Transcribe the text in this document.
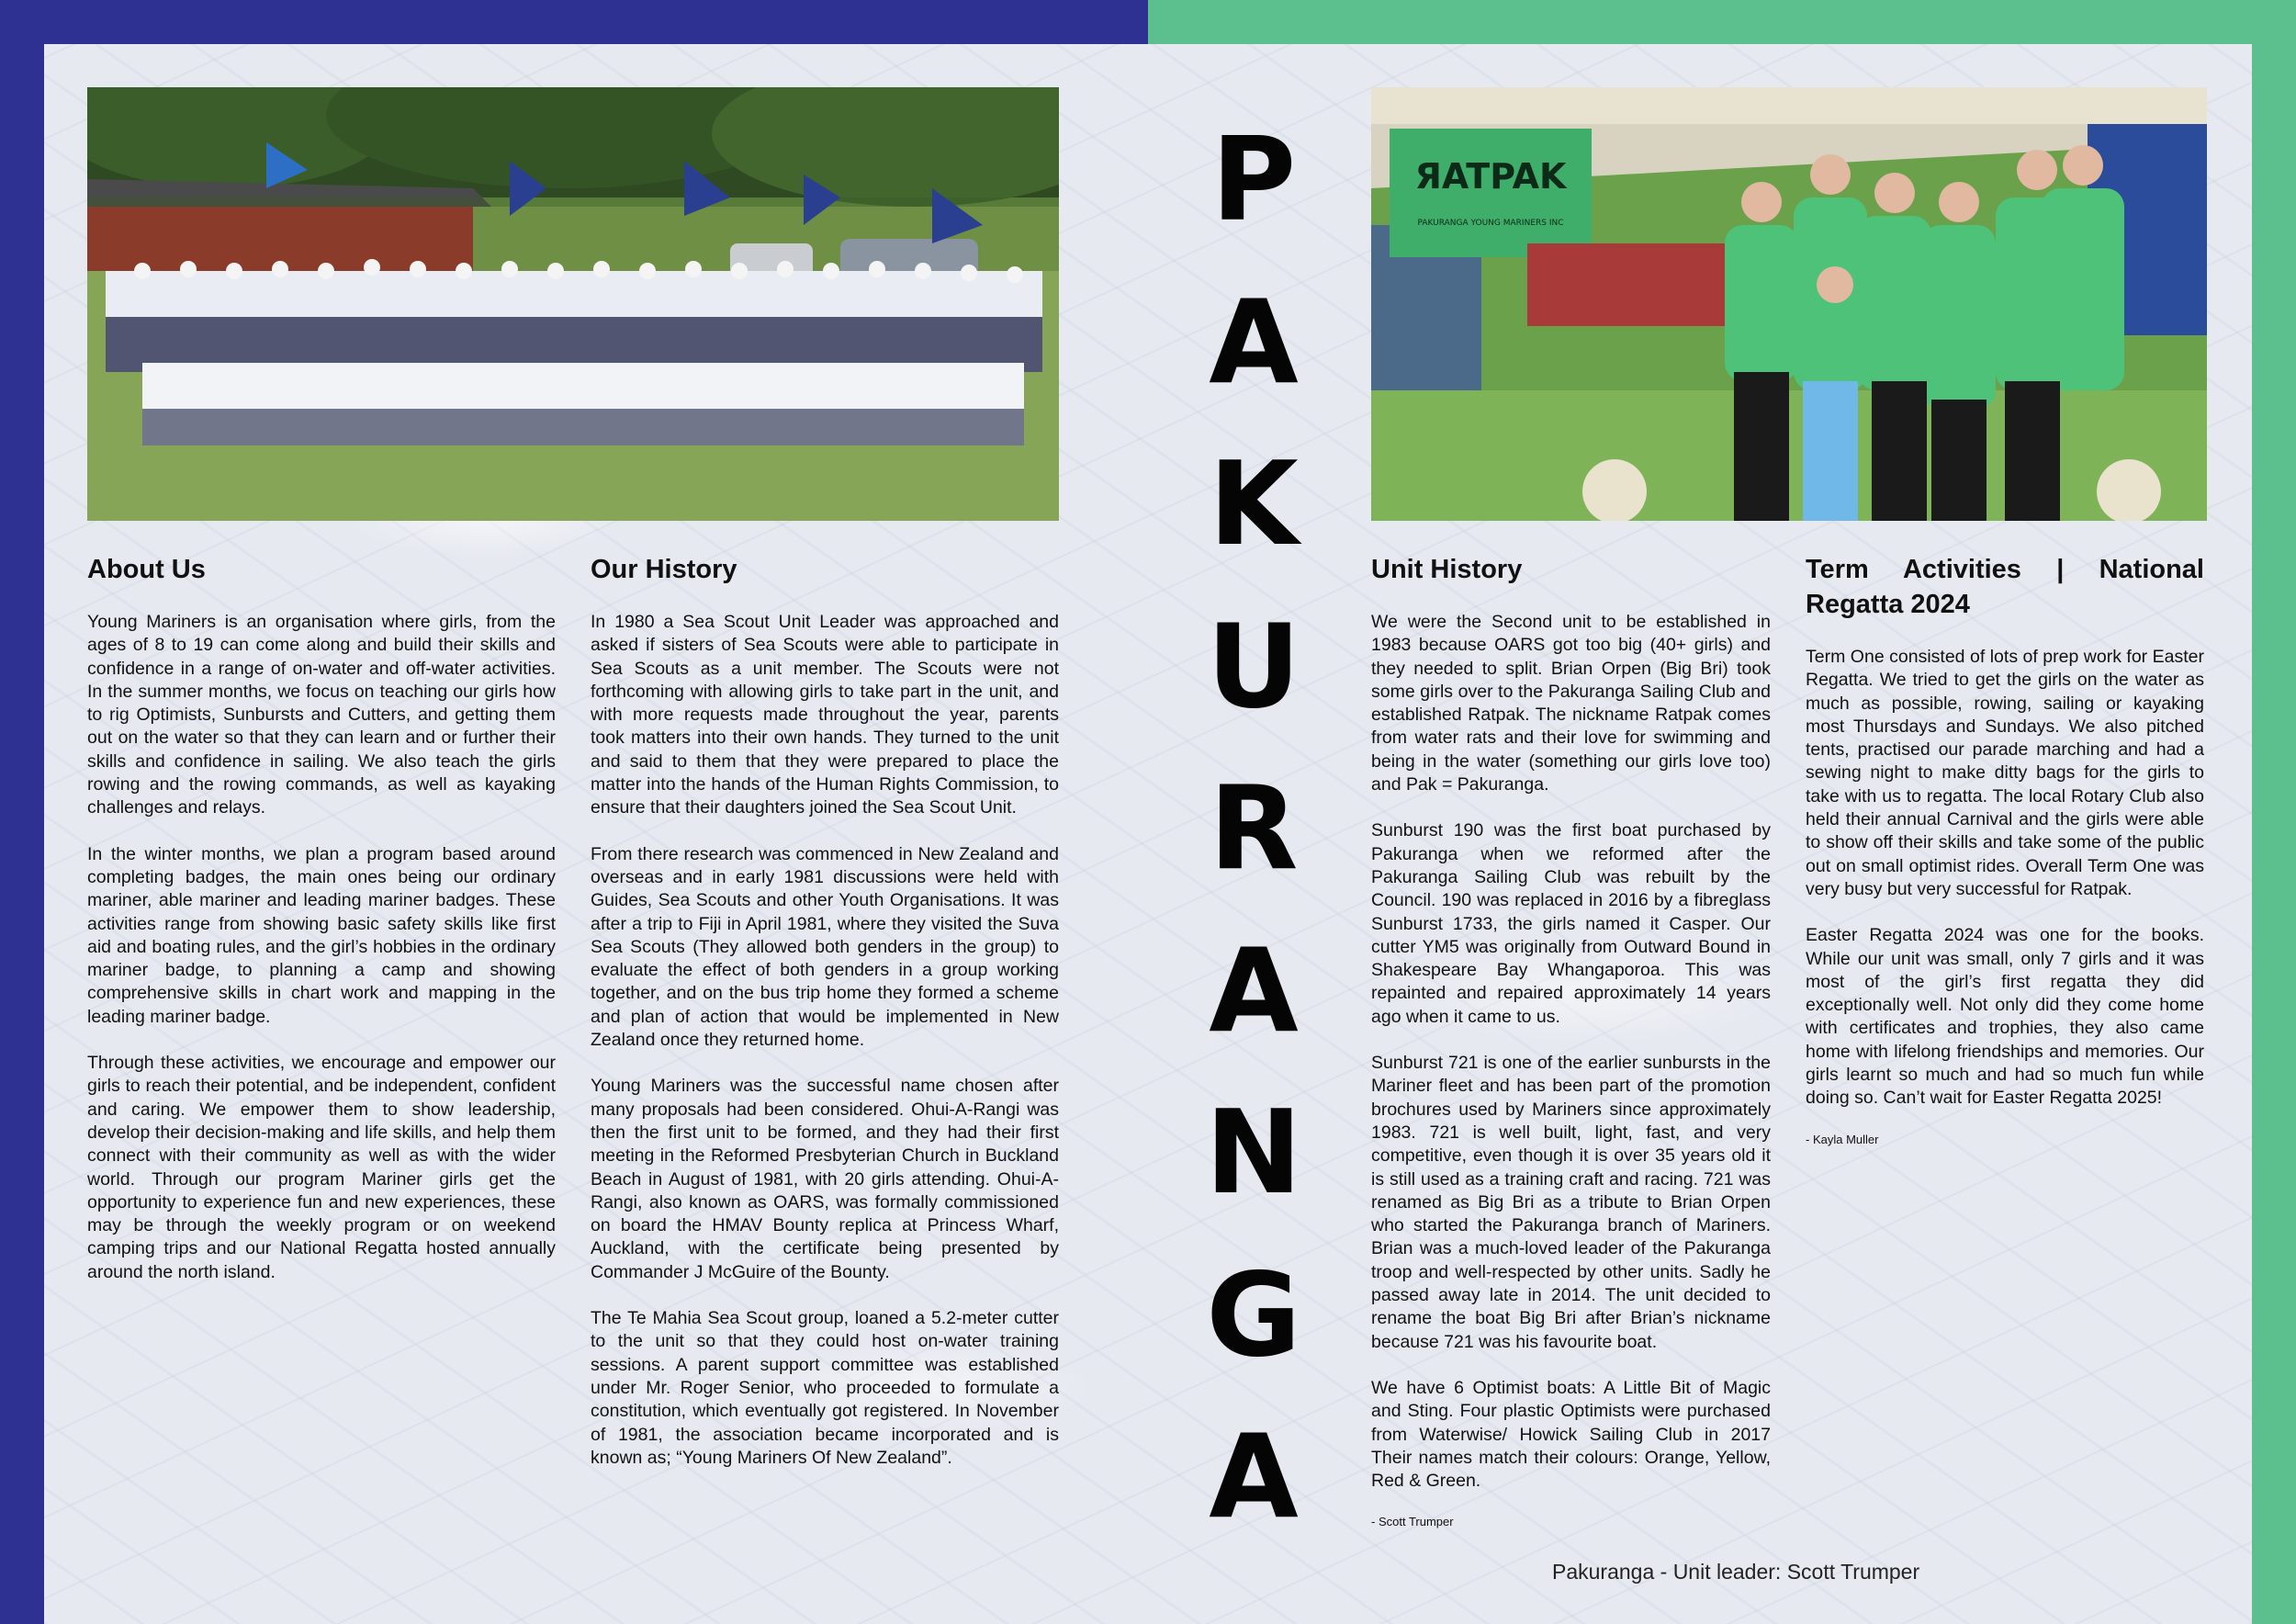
ЯATPAK
PAKURANGA YOUNG MARINERS INC
P
A
K
U
R
A
N
G
A
About Us

Young Mariners is an organisation where girls, from the ages of 8 to 19 can come along and build their skills and confidence in a range of on-water and off-water activities. In the summer months, we focus on teaching our girls how to rig Optimists, Sunbursts and Cutters, and getting them out on the water so that they can learn and or further their skills and confidence in sailing. We also teach the girls rowing and the rowing commands, as well as kayaking challenges and relays.

In the winter months, we plan a program based around completing badges, the main ones being our ordinary mariner, able mariner and leading mariner badges. These activities range from showing basic safety skills like first aid and boating rules, and the girl’s hobbies in the ordinary mariner badge, to planning a camp and showing comprehensive skills in chart work and mapping in the leading mariner badge.

Through these activities, we encourage and empower our girls to reach their potential, and be independent, confident and caring. We empower them to show leadership, develop their decision-making and life skills, and help them connect with their community as well as with the wider world. Through our program Mariner girls get the opportunity to experience fun and new experiences, these may be through the weekly program or on weekend camping trips and our National Regatta hosted annually around the north island.

Our History

In 1980 a Sea Scout Unit Leader was approached and asked if sisters of Sea Scouts were able to participate in Sea Scouts as a unit member. The Scouts were not forthcoming with allowing girls to take part in the unit, and with more requests made throughout the year, parents took matters into their own hands. They turned to the unit and said to them that they were prepared to place the matter into the hands of the Human Rights Commission, to ensure that their daughters joined the Sea Scout Unit.

From there research was commenced in New Zealand and overseas and in early 1981 discussions were held with Guides, Sea Scouts and other Youth Organisations. It was after a trip to Fiji in April 1981, where they visited the Suva Sea Scouts (They allowed both genders in the group) to evaluate the effect of both genders in a group working together, and on the bus trip home they formed a scheme and plan of action that would be implemented in New Zealand once they returned home.

Young Mariners was the successful name chosen after many proposals had been considered. Ohui-A-Rangi was then the first unit to be formed, and they had their first meeting in the Reformed Presbyterian Church in Buckland Beach in August of 1981, with 20 girls attending. Ohui-A-Rangi, also known as OARS, was formally commissioned on board the HMAV Bounty replica at Princess Wharf, Auckland, with the certificate being presented by Commander J McGuire of the Bounty.

The Te Mahia Sea Scout group, loaned a 5.2-meter cutter to the unit so that they could host on-water training sessions. A parent support committee was established under Mr. Roger Senior, who proceeded to formulate a constitution, which eventually got registered. In November of 1981, the association became incorporated and is known as; “Young Mariners Of New Zealand”.

Unit History

We were the Second unit to be established in 1983 because OARS got too big (40+ girls) and they needed to split. Brian Orpen (Big Bri) took some girls over to the Pakuranga Sailing Club and established Ratpak. The nickname Ratpak comes from water rats and their love for swimming and being in the water (something our girls love too) and Pak = Pakuranga.

Sunburst 190 was the first boat purchased by Pakuranga when we reformed after the Pakuranga Sailing Club was rebuilt by the Council. 190 was replaced in 2016 by a fibreglass Sunburst 1733, the girls named it Casper. Our cutter YM5 was originally from Outward Bound in Shakespeare Bay Whangaporoa. This was repainted and repaired approximately 14 years ago when it came to us.

Sunburst 721 is one of the earlier sunbursts in the Mariner fleet and has been part of the promotion brochures used by Mariners since approximately 1983. 721 is well built, light, fast, and very competitive, even though it is over 35 years old it is still used as a training craft and racing. 721 was renamed as Big Bri as a tribute to Brian Orpen who started the Pakuranga branch of Mariners. Brian was a much-loved leader of the Pakuranga troop and well-respected by other units. Sadly he passed away late in 2014. The unit decided to rename the boat Big Bri after Brian’s nickname because 721 was his favourite boat.

We have 6 Optimist boats: A Little Bit of Magic and Sting. Four plastic Optimists were purchased from Waterwise/ Howick Sailing Club in 2017 Their names match their colours: Orange, Yellow, Red & Green.

- Scott Trumper

Term Activities | National Regatta 2024

Term One consisted of lots of prep work for Easter Regatta. We tried to get the girls on the water as much as possible, rowing, sailing or kayaking most Thursdays and Sundays. We also pitched tents, practised our parade marching and had a sewing night to make ditty bags for the girls to take with us to regatta. The local Rotary Club also held their annual Carnival and the girls were able to show off their skills and take some of the public out on small optimist rides. Overall Term One was very busy but very successful for Ratpak.

Easter Regatta 2024 was one for the books. While our unit was small, only 7 girls and it was most of the girl’s first regatta they did exceptionally well. Not only did they come home with certificates and trophies, they also came home with lifelong friendships and memories. Our girls learnt so much and had so much fun while doing so. Can’t wait for Easter Regatta 2025!

- Kayla Muller

Pakuranga - Unit leader: Scott Trumper
